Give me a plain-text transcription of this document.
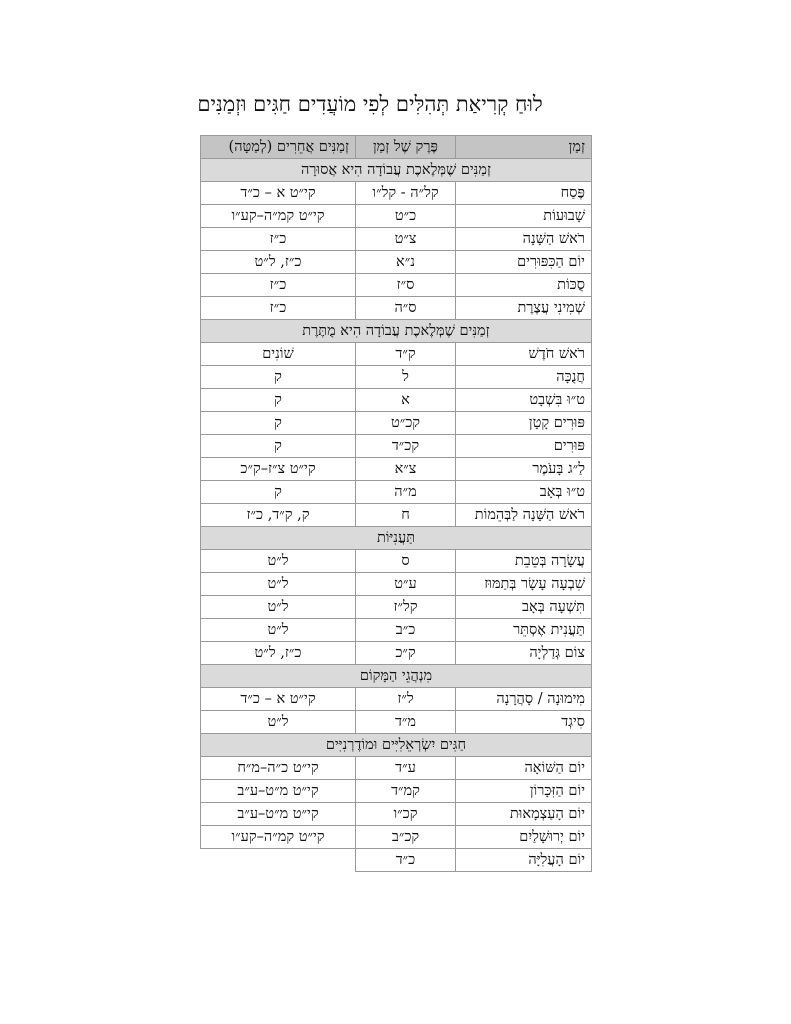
לוּחַ קְרִיאַת תְּהִלִּים לְפִי מוֹעֲדִים חַגִּים וּזְמַנִּים
זְמַן	פֶּרֶק שֶׁל זְמַן	זְמַנִּים אֲחֵרִים (לְמַטָּה)
זְמַנִּים שֶׁמְּלֶאכֶת עֲבוֹדָה הִיא אֲסוּרָה		
פֶּסַח	קל״ה - קל״ו	קי״ט א – כ״ד
שָׁבוּעוֹת	כ״ט	קי״ט קמ״ה–קע״ו
רֹאשׁ הַשָּׁנָה	צ״ט	כ״ז
יוֹם הַכִּפּוּרִים	נ״א	כ״ז, ל״ט
סֻכּוֹת	ס״ז	כ״ז
שְׁמִינִי עֲצֶרֶת	ס״ה	כ״ז
זְמַנִּים שֶׁמְּלֶאכֶת עֲבוֹדָה הִיא מֻתֶּרֶת		
רֹאשׁ חֹדֶשׁ	ק״ד	שׁוֹנִים
חֲנֻכָּה	ל	ק
ט״וּ בִּשְׁבָט	א	ק
פּוּרִים קָטָן	קכ״ט	ק
פּוּרִים	קכ״ד	ק
לַ״ג בָּעֹמֶר	צ״א	קי״ט צ״ז–ק״כ
ט״וּ בְּאָב	מ״ה	ק
רֹאשׁ הַשָּׁנָה לַבְּהֵמוֹת	ח	ק, ק״ד, כ״ז
תַּעֲנִיּוֹת		
עֲשָׂרָה בְּטֵבֵת	ס	ל״ט
שִׁבְעָה עָשָׂר בְּתַמּוּז	ע״ט	ל״ט
תִּשְׁעָה בְּאָב	קל״ז	ל״ט
תַּעֲנִית אֶסְתֵּר	כ״ב	ל״ט
צוֹם גְּדַלְיָה	ק״כ	כ״ז, ל״ט
מִנְהֲגֵי הַמָּקוֹם		
מִימוּנָה / סָהֲרָנָה	ל״ז	קי״ט א – כ״ד
סִיגְד	מ״ד	ל״ט
חַגִּים יִשְׂרְאֵלִיִּים וּמוֹדֶרְנִיִּים		
יוֹם הַשּׁוֹאָה	ע״ד	קי״ט כ״ה–מ״ח
יוֹם הַזִּכָּרוֹן	קמ״ד	קי״ט מ״ט–ע״ב
יוֹם הָעַצְמָאוּת	קכ״ו	קי״ט מ״ט–ע״ב
יוֹם יְרוּשָׁלַיִם	קכ״ב	קי״ט קמ״ה–קע״ו
יוֹם הָעֲלִיָּה	כ״ד	
